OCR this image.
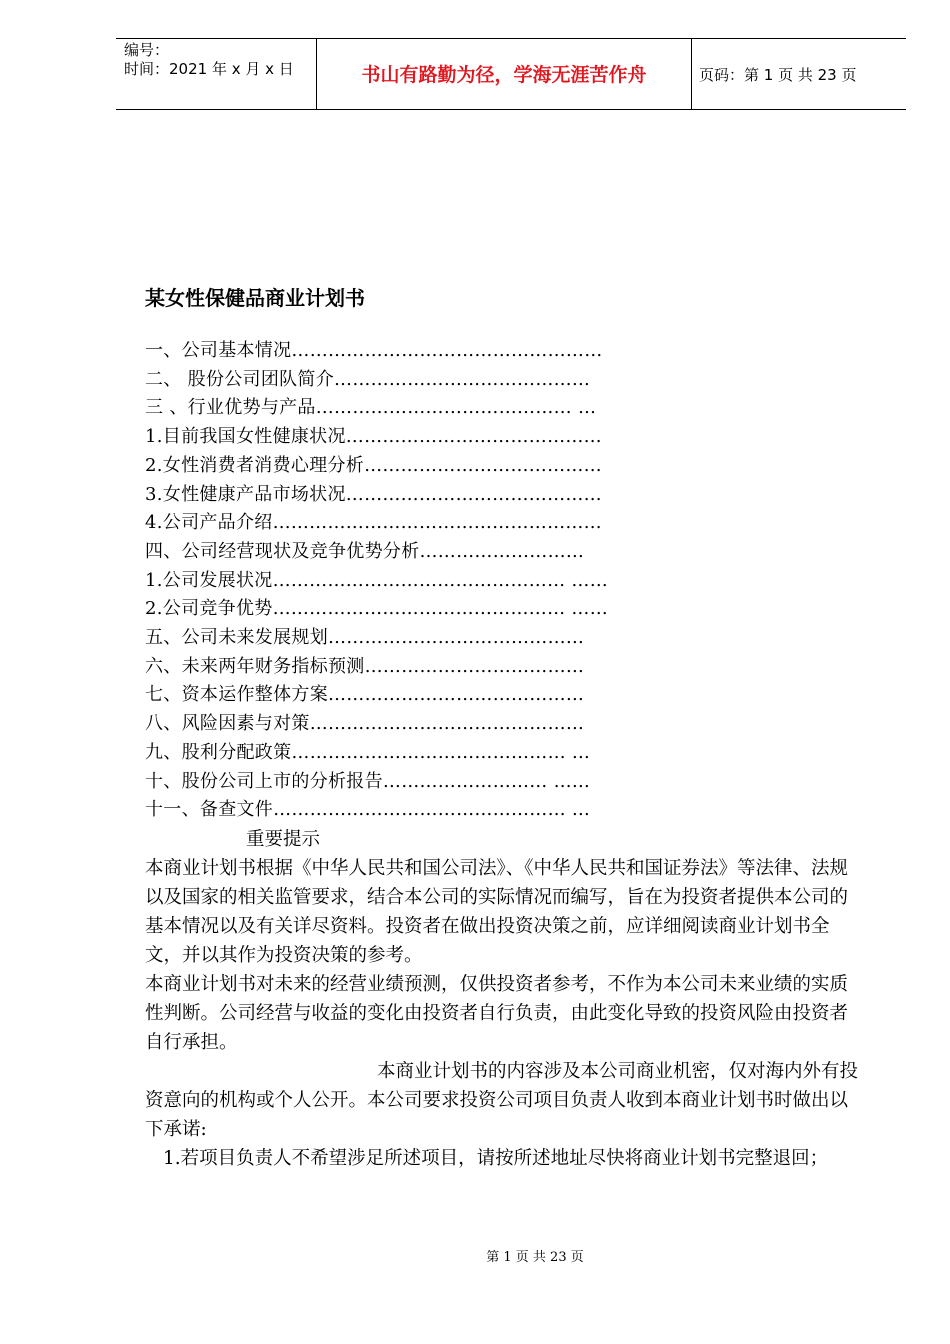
编号：
时间：2021 年 x 月 x 日	书山有路勤为径，学海无涯苦作舟	页码：第 1 页 共 23 页
某女性保健品商业计划书
一、公司基本情况……………………………………………
二、 股份公司团队简介……………………………………
三 、行业优势与产品…………………………………… …
1.目前我国女性健康状况……………………………………
2.女性消费者消费心理分析…………………………………
3.女性健康产品市场状况……………………………………
4.公司产品介绍………………………………………………
四、公司经营现状及竞争优势分析………………………
1.公司发展状况………………………………………… ……
2.公司竞争优势………………………………………… ……
五、公司未来发展规划……………………………………
六、未来两年财务指标预测………………………………
七、资本运作整体方案……………………………………
八、风险因素与对策………………………………………
九、股利分配政策……………………………………… …
十、股份公司上市的分析报告……………………… ……
十一、备查文件………………………………………… …

重要提示

本商业计划书根据《中华人民共和国公司法》、《中华人民共和国证券法》等法律、法规以及国家的相关监管要求，结合本公司的实际情况而编写，旨在为投资者提供本公司的基本情况以及有关详尽资料。投资者在做出投资决策之前，应详细阅读商业计划书全文，并以其作为投资决策的参考。

本商业计划书对未来的经营业绩预测，仅供投资者参考，不作为本公司未来业绩的实质性判断。公司经营与收益的变化由投资者自行负责，由此变化导致的投资风险由投资者自行承担。

本商业计划书的内容涉及本公司商业机密，仅对海内外有投资意向的机构或个人公开。本公司要求投资公司项目负责人收到本商业计划书时做出以下承诺:

1.若项目负责人不希望涉足所述项目，请按所述地址尽快将商业计划书完整退回；

第 1 页 共 23 页
